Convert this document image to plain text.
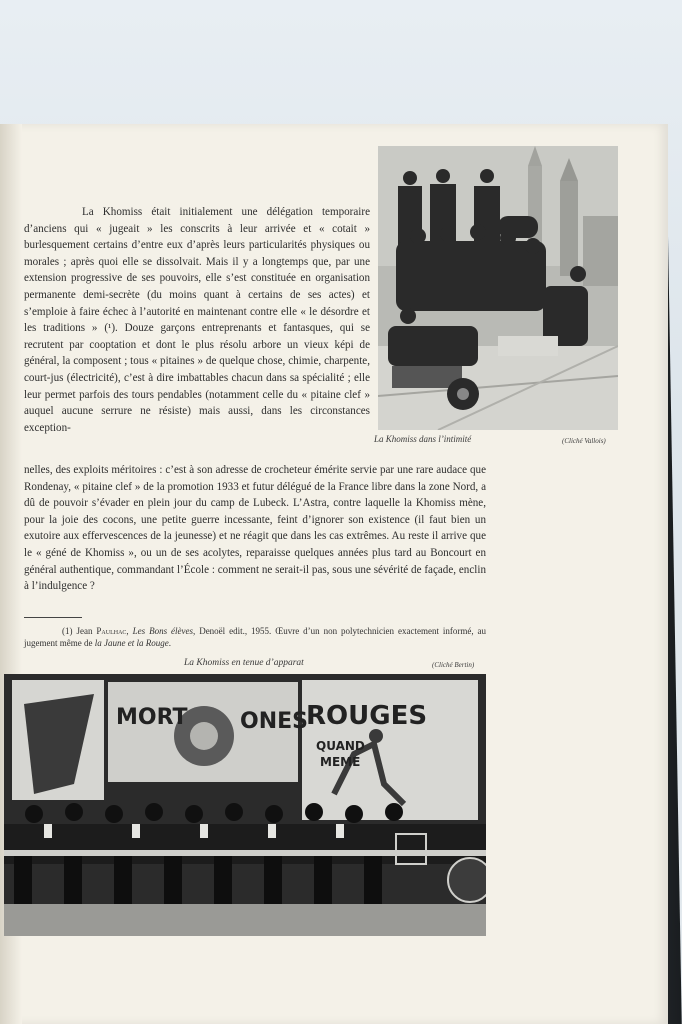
La Khomiss dans l’intimité	(Cliché Vallois)

La Khomiss était initialement une délégation temporaire d’anciens qui « jugeait » les conscrits à leur arrivée et « cotait » burlesquement certains d’entre eux d’après leurs particularités physiques ou morales ; après quoi elle se dissolvait. Mais il y a longtemps que, par une extension progressive de ses pouvoirs, elle s’est constituée en organisation permanente demi-secrète (du moins quant à certains de ses actes) et s’emploie à faire échec à l’autorité en maintenant contre elle « le désordre et les traditions » (¹). Douze garçons entreprenants et fantasques, qui se recrutent par cooptation et dont le plus résolu arbore un vieux képi de général, la composent ; tous « pitaines » de quelque chose, chimie, charpente, court-jus (électricité), c’est à dire imbattables chacun dans sa spécialité ; elle leur permet parfois des tours pendables (notamment celle du « pitaine clef » auquel aucune serrure ne résiste) mais aussi, dans les circonstances exception-

nelles, des exploits méritoires : c’est à son adresse de crocheteur émérite servie par une rare audace que Rondenay, « pitaine clef » de la promotion 1933 et futur délégué de la France libre dans la zone Nord, a dû de pouvoir s’évader en plein jour du camp de Lubeck. L’Astra, contre laquelle la Khomiss mène, pour la joie des cocons, une petite guerre incessante, feint d’ignorer son existence (il faut bien un exutoire aux effervescences de la jeunesse) et ne réagit que dans les cas extrêmes. Au reste il arrive que le « géné de Khomiss », ou un de ses acolytes, reparaisse quelques années plus tard au Boncourt en général authentique, commandant l’École : comment ne serait-il pas, sous une sévérité de façade, enclin à l’indulgence ?

(1) Jean Paulhac, Les Bons élèves, Denoël edit., 1955. Œuvre d’un non polytechnicien exactement informé, au jugement même de la Jaune et la Rouge.
La Khomiss en tenue d’apparat	(Cliché Bertin)
MORT ONES
ROUGES
QUAND
MEME
